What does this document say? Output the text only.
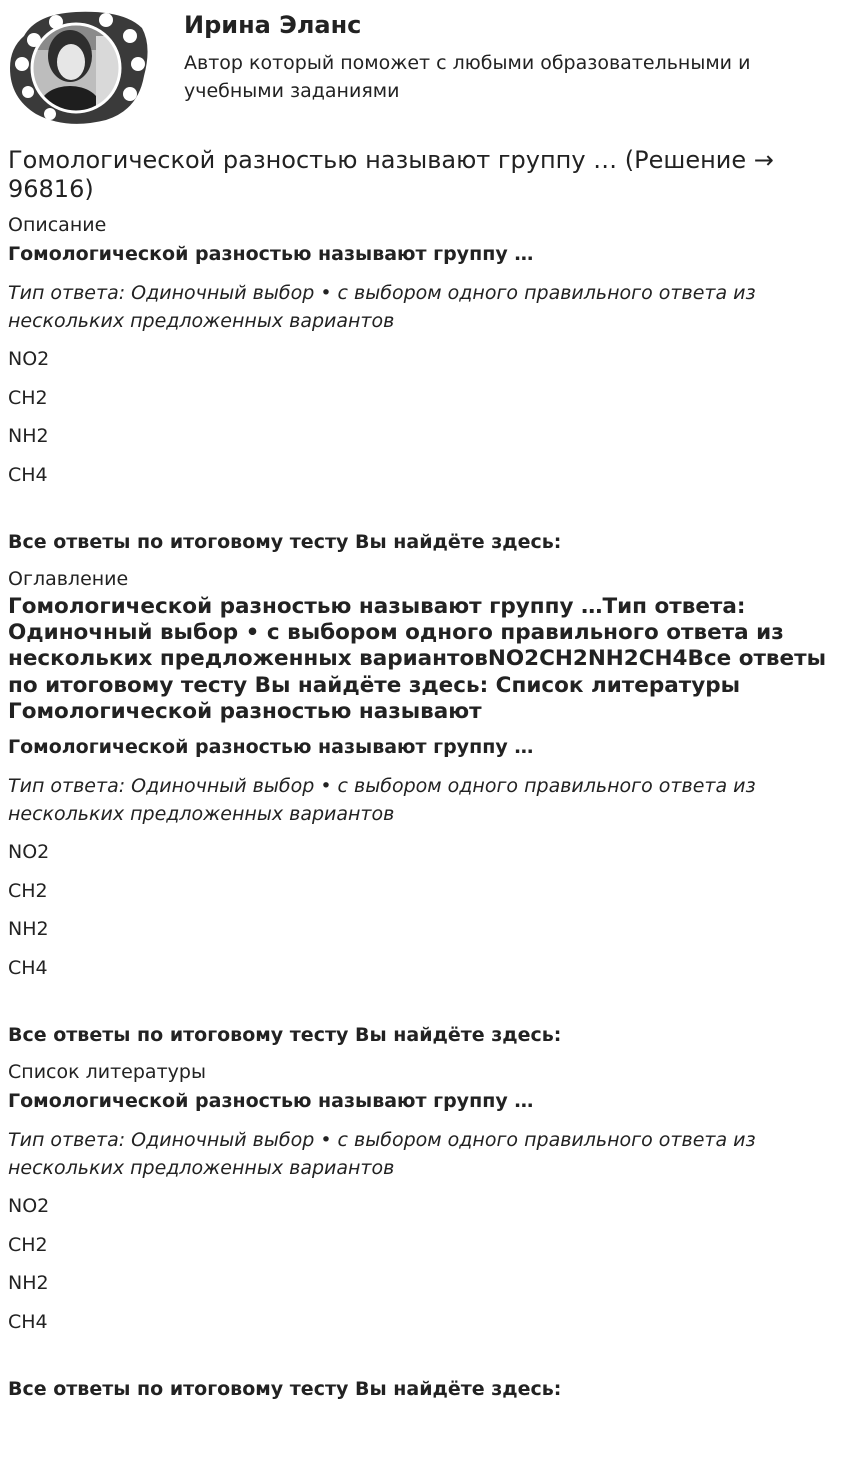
Ирина Эланс
Автор который поможет с любыми образовательными и учебными заданиями
Гомологической разностью называют группу … (Решение → 96816)

Описание

Гомологической разностью называют группу …

Тип ответа: Одиночный выбор • с выбором одного правильного ответа из нескольких предложенных вариантов

NO2

CH2

NH2

CH4

Все ответы по итоговому тесту Вы найдёте здесь:

Оглавление

Гомологической разностью называют группу …Тип ответа: Одиночный выбор • с выбором одного правильного ответа из нескольких предложенных вариантовNO2CH2NH2CH4Все ответы по итоговому тесту Вы найдёте здесь: Список литературы Гомологической разностью называют

Гомологической разностью называют группу …

Тип ответа: Одиночный выбор • с выбором одного правильного ответа из нескольких предложенных вариантов

NO2

CH2

NH2

CH4

Все ответы по итоговому тесту Вы найдёте здесь:

Список литературы

Гомологической разностью называют группу …

Тип ответа: Одиночный выбор • с выбором одного правильного ответа из нескольких предложенных вариантов

NO2

CH2

NH2

CH4

Все ответы по итоговому тесту Вы найдёте здесь:
